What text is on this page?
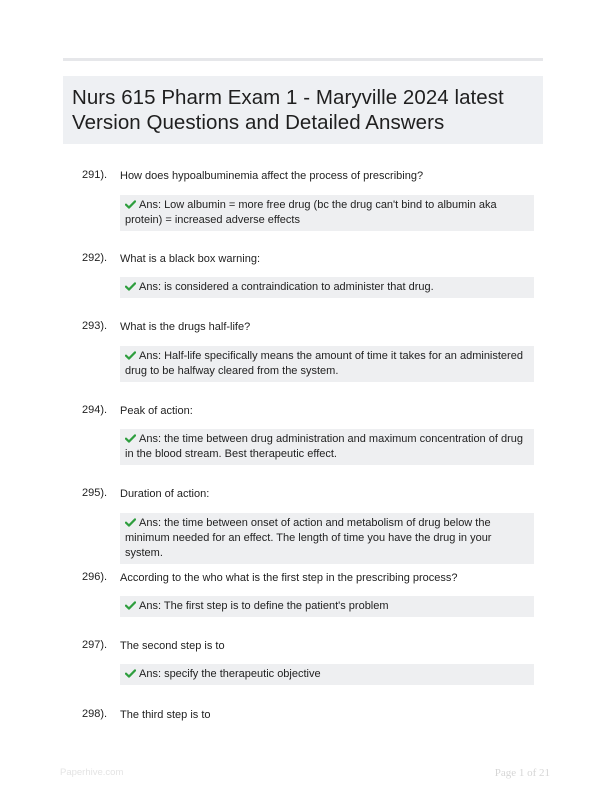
Nurs 615 Pharm Exam 1 - Maryville 2024 latest Version Questions and Detailed Answers
291). How does hypoalbuminemia affect the process of prescribing?
Ans: Low albumin = more free drug (bc the drug can't bind to albumin aka protein) = increased adverse effects
292). What is a black box warning:
Ans: is considered a contraindication to administer that drug.
293). What is the drugs half-life?
Ans: Half-life specifically means the amount of time it takes for an administered drug to be halfway cleared from the system.
294). Peak of action:
Ans: the time between drug administration and maximum concentration of drug in the blood stream. Best therapeutic effect.
295). Duration of action:
Ans: the time between onset of action and metabolism of drug below the minimum needed for an effect. The length of time you have the drug in your system.
296). According to the who what is the first step in the prescribing process?
Ans: The first step is to define the patient's problem
297). The second step is to
Ans: specify the therapeutic objective
298). The third step is to
Paperhive.com	Page 1 of 21
